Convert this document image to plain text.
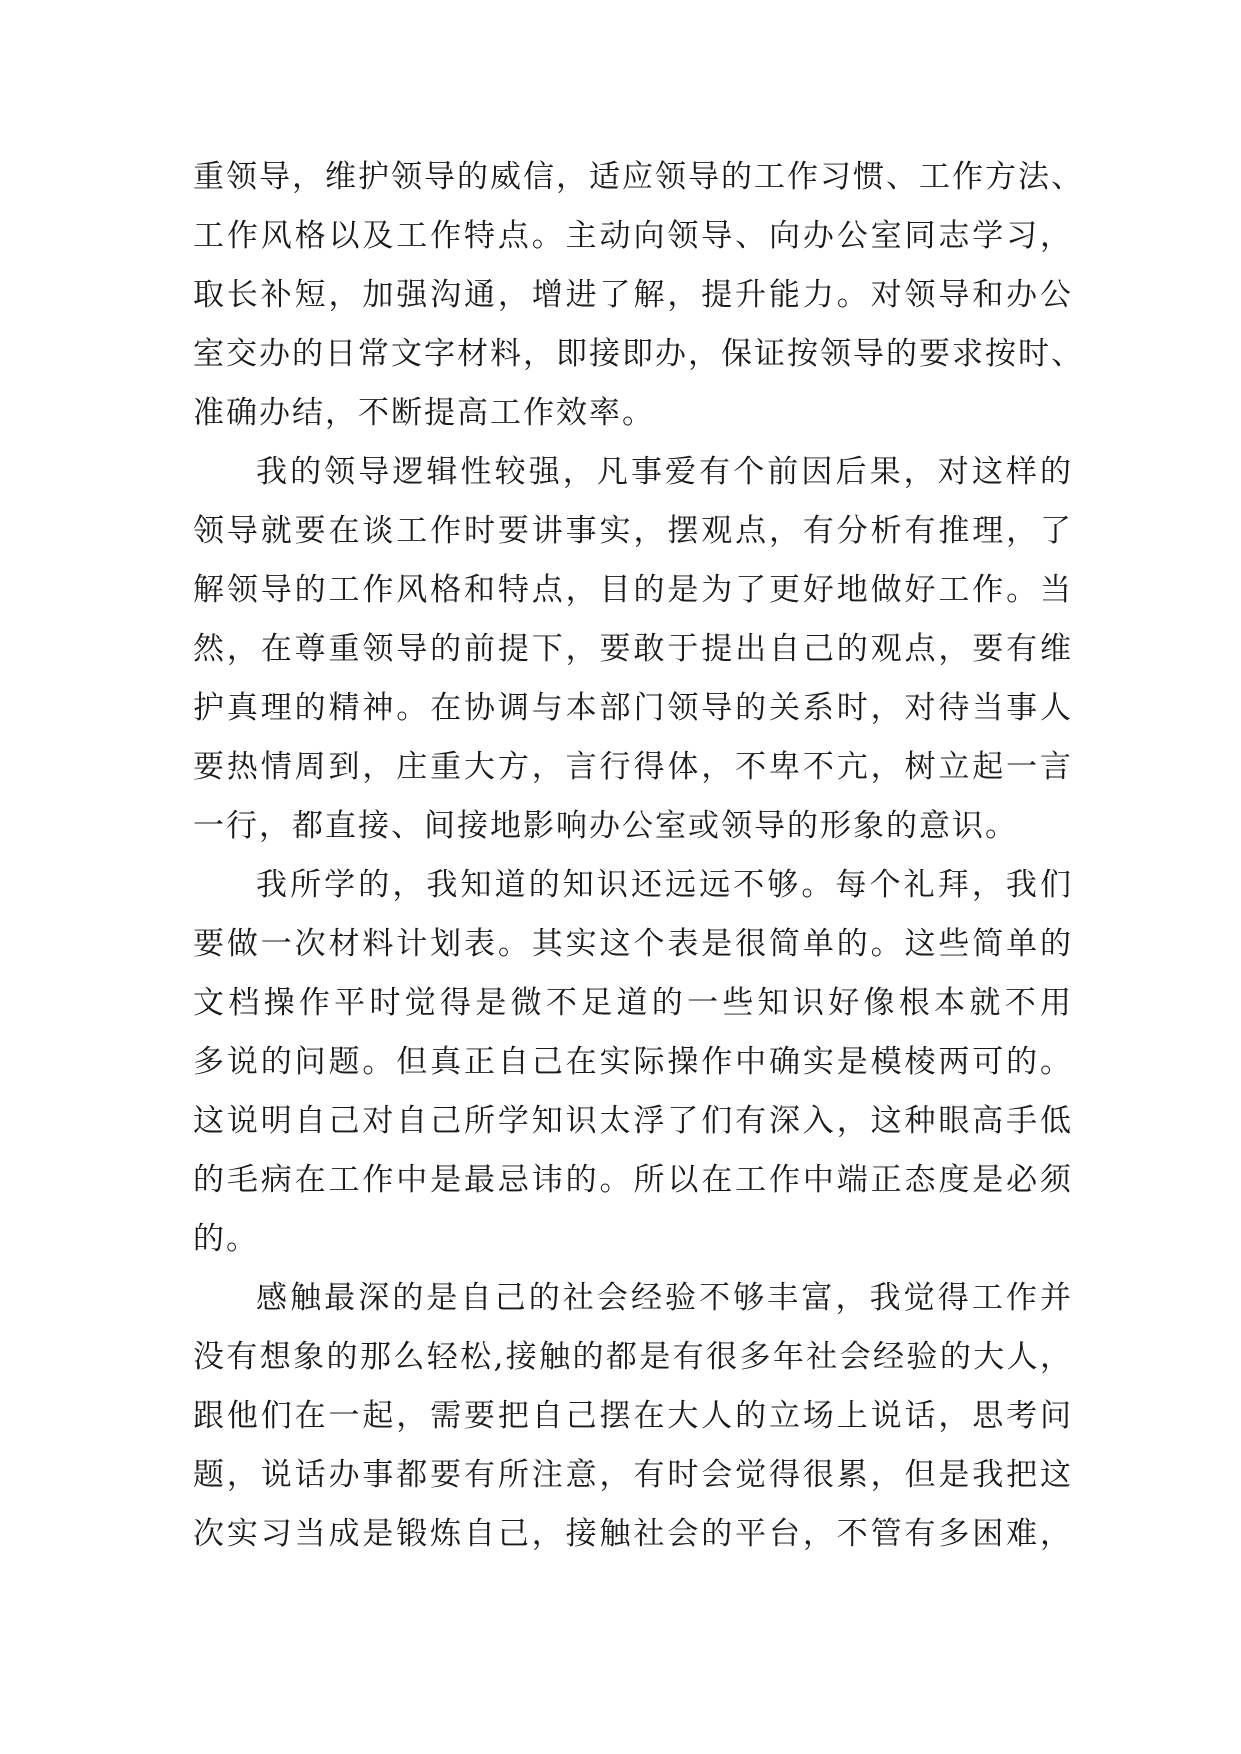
重领导，维护领导的威信，适应领导的工作习惯、工作方法、
工作风格以及工作特点。主动向领导、向办公室同志学习，
取长补短，加强沟通，增进了解，提升能力。对领导和办公
室交办的日常文字材料，即接即办，保证按领导的要求按时、
准确办结，不断提高工作效率。
我的领导逻辑性较强，凡事爱有个前因后果，对这样的
领导就要在谈工作时要讲事实，摆观点，有分析有推理，了
解领导的工作风格和特点，目的是为了更好地做好工作。当
然，在尊重领导的前提下，要敢于提出自己的观点，要有维
护真理的精神。在协调与本部门领导的关系时，对待当事人
要热情周到，庄重大方，言行得体，不卑不亢，树立起一言
一行，都直接、间接地影响办公室或领导的形象的意识。
我所学的，我知道的知识还远远不够。每个礼拜，我们
要做一次材料计划表。其实这个表是很简单的。这些简单的
文档操作平时觉得是微不足道的一些知识好像根本就不用
多说的问题。但真正自己在实际操作中确实是模棱两可的。
这说明自己对自己所学知识太浮了们有深入，这种眼高手低
的毛病在工作中是最忌讳的。所以在工作中端正态度是必须
的。
感触最深的是自己的社会经验不够丰富，我觉得工作并
没有想象的那么轻松,接触的都是有很多年社会经验的大人，
跟他们在一起，需要把自己摆在大人的立场上说话，思考问
题，说话办事都要有所注意，有时会觉得很累，但是我把这
次实习当成是锻炼自己，接触社会的平台，不管有多困难，
